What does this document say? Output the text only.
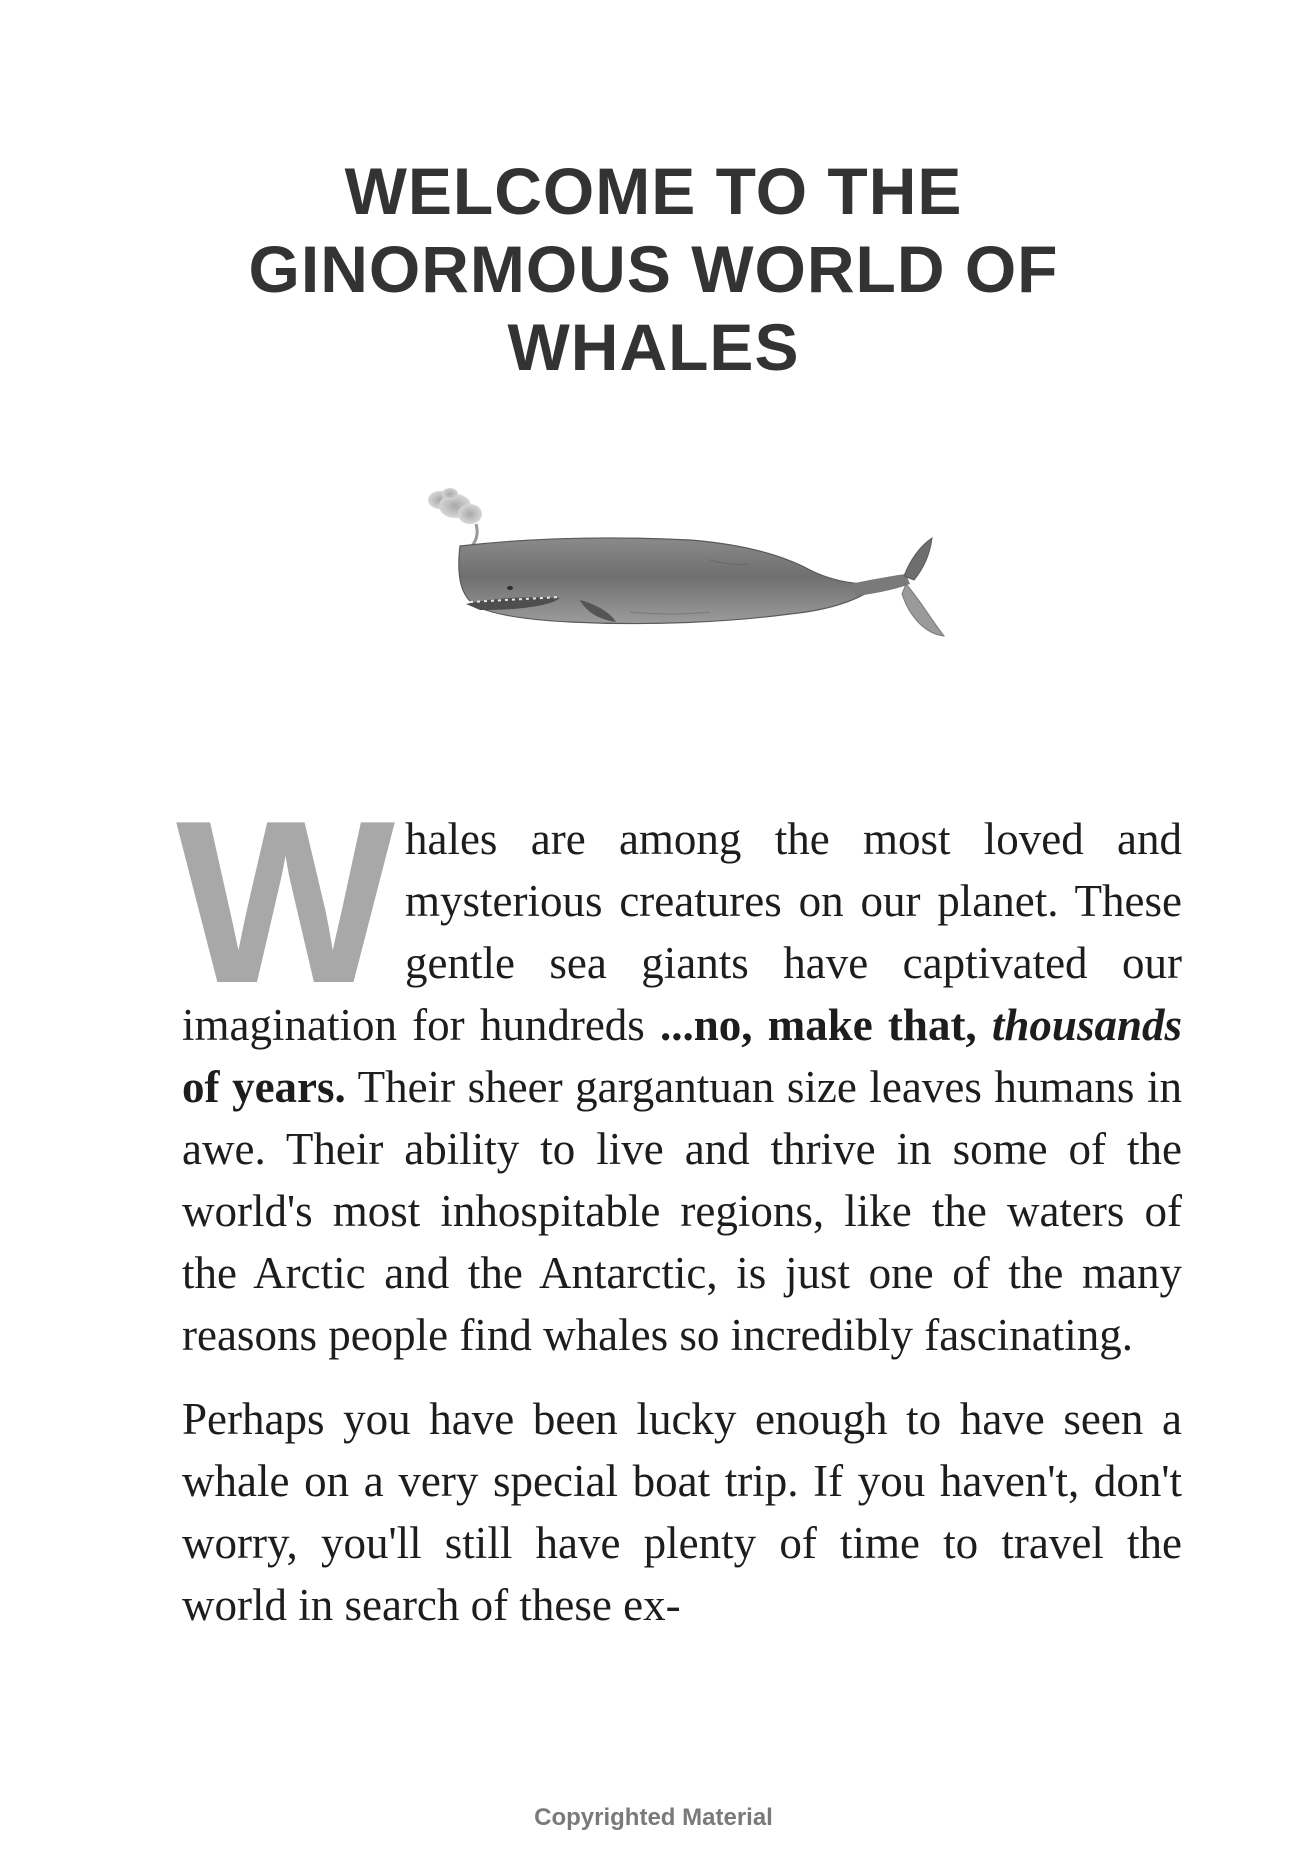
WELCOME TO THE
GINORMOUS WORLD OF
WHALES
Whales are among the most loved and mysterious creatures on our planet. These gentle sea giants have captivated our imagination for hundreds ...no, make that, thousands of years. Their sheer gargantuan size leaves humans in awe. Their ability to live and thrive in some of the world's most inhospitable regions, like the waters of the Arctic and the Antarctic, is just one of the many reasons people find whales so incredibly fascinating.
Perhaps you have been lucky enough to have seen a whale on a very special boat trip. If you haven't, don't worry, you'll still have plenty of time to travel the world in search of these ex-
Copyrighted Material
